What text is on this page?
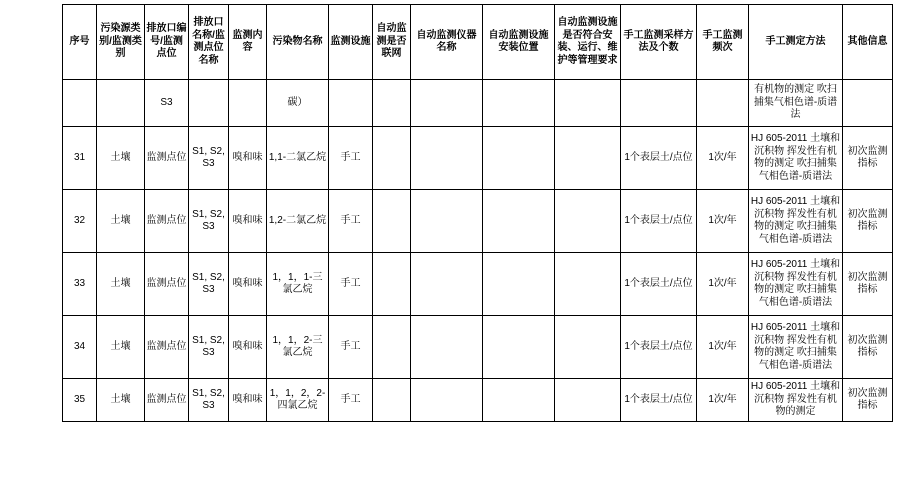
序号	污染源类别/监测类别	排放口编号/监测点位	排放口名称/监测点位名称	监测内容	污染物名称	监测设施	自动监测是否联网	自动监测仪器名称	自动监测设施安装位置	自动监测设施是否符合安装、运行、维护等管理要求	手工监测采样方法及个数	手工监测频次	手工测定方法	其他信息
		S3			碳）								有机物的测定 吹扫捕集气相色谱-质谱法	
31	土壤	监测点位	S1, S2, S3	嗅和味	1,1-二氯乙烷	手工					1个表层土/点位	1次/年	HJ 605-2011 土壤和沉积物 挥发性有机物的测定 吹扫捕集气相色谱-质谱法	初次监测指标
32	土壤	监测点位	S1, S2, S3	嗅和味	1,2-二氯乙烷	手工					1个表层土/点位	1次/年	HJ 605-2011 土壤和沉积物 挥发性有机物的测定 吹扫捕集气相色谱-质谱法	初次监测指标
33	土壤	监测点位	S1, S2, S3	嗅和味	1，1，1-三氯乙烷	手工					1个表层土/点位	1次/年	HJ 605-2011 土壤和沉积物 挥发性有机物的测定 吹扫捕集气相色谱-质谱法	初次监测指标
34	土壤	监测点位	S1, S2, S3	嗅和味	1，1，2-三氯乙烷	手工					1个表层土/点位	1次/年	HJ 605-2011 土壤和沉积物 挥发性有机物的测定 吹扫捕集气相色谱-质谱法	初次监测指标
35	土壤	监测点位	S1, S2, S3	嗅和味	1，1，2，2-四氯乙烷	手工					1个表层土/点位	1次/年	HJ 605-2011 土壤和沉积物 挥发性有机物的测定	初次监测指标
